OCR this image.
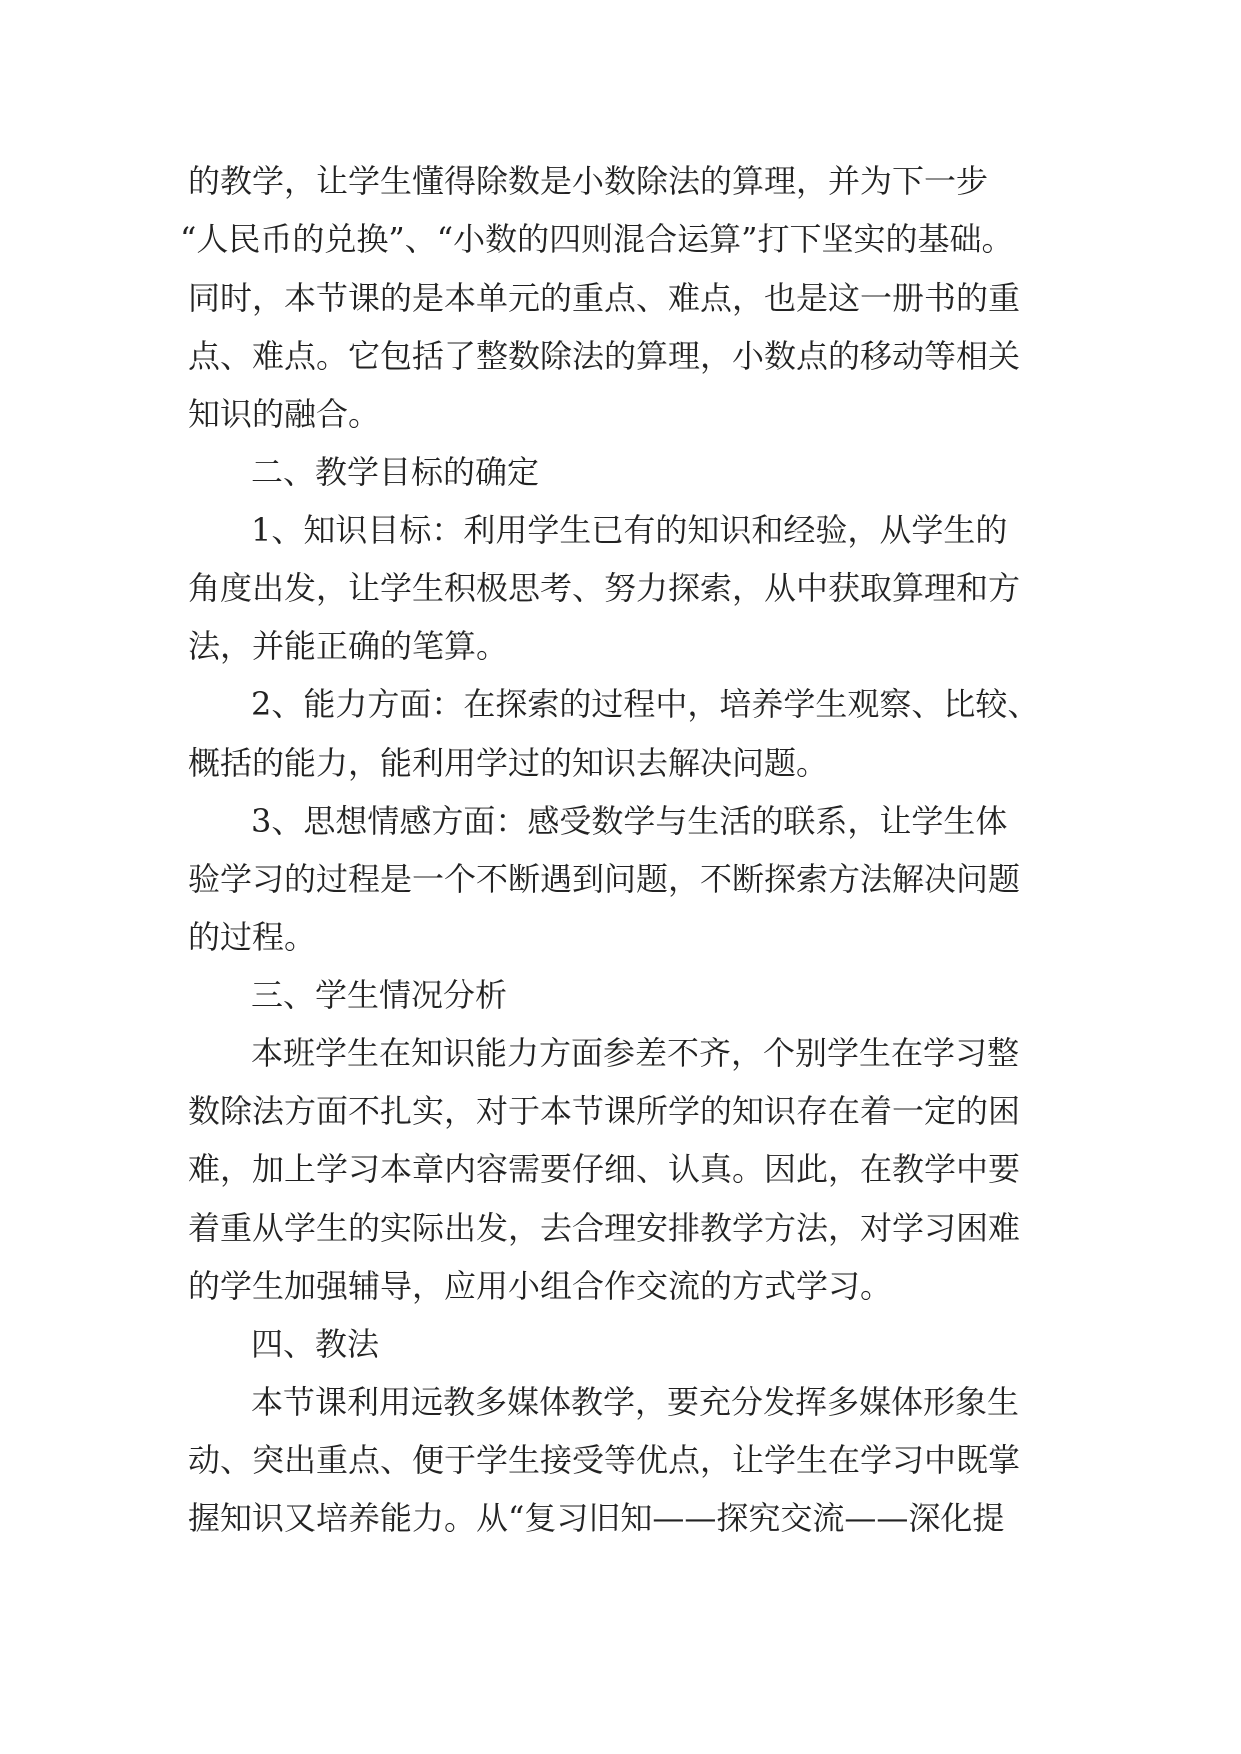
的教学，让学生懂得除数是小数除法的算理，并为下一步
“人民币的兑换”、“小数的四则混合运算”打下坚实的基础。
同时，本节课的是本单元的重点、难点，也是这一册书的重
点、难点。它包括了整数除法的算理，小数点的移动等相关
知识的融合。
二、教学目标的确定
1、知识目标：利用学生已有的知识和经验，从学生的
角度出发，让学生积极思考、努力探索，从中获取算理和方
法，并能正确的笔算。
2、能力方面：在探索的过程中，培养学生观察、比较、
概括的能力，能利用学过的知识去解决问题。
3、思想情感方面：感受数学与生活的联系，让学生体
验学习的过程是一个不断遇到问题，不断探索方法解决问题
的过程。
三、学生情况分析
本班学生在知识能力方面参差不齐，个别学生在学习整
数除法方面不扎实，对于本节课所学的知识存在着一定的困
难，加上学习本章内容需要仔细、认真。因此，在教学中要
着重从学生的实际出发，去合理安排教学方法，对学习困难
的学生加强辅导，应用小组合作交流的方式学习。
四、教法
本节课利用远教多媒体教学，要充分发挥多媒体形象生
动、突出重点、便于学生接受等优点，让学生在学习中既掌
握知识又培养能力。从“复习旧知——探究交流——深化提
